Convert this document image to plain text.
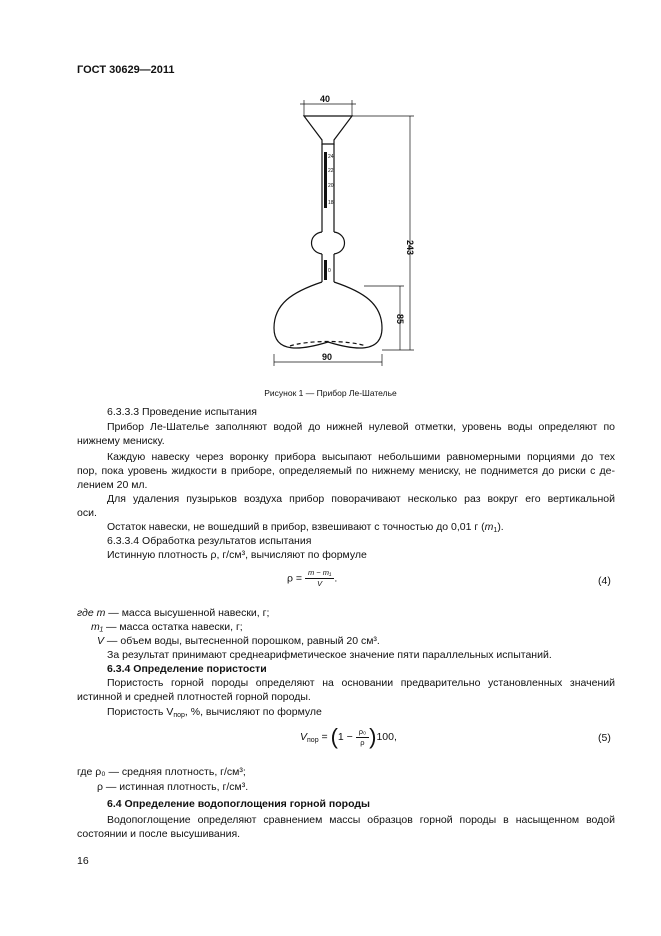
ГОСТ 30629—2011
24
22
20
18
0
40
243
85
90
Рисунок 1 — Прибор Ле-Шателье
6.3.3.3 Проведение испытания
Прибор Ле-Шателье заполняют водой до нижней нулевой отметки, уровень воды определяют по
нижнему мениску.
Каждую навеску через воронку прибора высыпают небольшими равномерными порциями до тех
пор, пока уровень жидкости в приборе, определяемый по нижнему мениску, не поднимется до риски с де-
лением 20 мл.
Для удаления пузырьков воздуха прибор поворачивают несколько раз вокруг его вертикальной
оси.
Остаток навески, не вошедший в прибор, взвешивают с точностью до 0,01 г $(m_1)$.
6.3.3.4 Обработка результатов испытания
Истинную плотность ρ, г/см³, вычисляют по формуле
$\rho = \frac{\text{m − m₁}}{V}$ .	(4)
где m — масса высушенной навески, г;
m₁ — масса остатка навески, г;
V — объем воды, вытесненной порошком, равный 20 см³.
За результат принимают среднеарифметическое значение пяти параллельных испытаний.
6.3.4 Определение пористости
Пористость горной породы определяют на основании предварительно установленных значений
истинной и средней плотностей горной породы.
Пористость $V_{пор}$, %, вычисляют по формуле
$V_{пор} = (1 - \frac{\text{ρ₀}}{\rho} )100$,	(5)
где ρ₀ — средняя плотность, г/см³;
ρ — истинная плотность, г/см³.
6.4 Определение водопоглощения горной породы
Водопоглощение определяют сравнением массы образцов горной породы в насыщенном водой
состоянии и после высушивания.
16
